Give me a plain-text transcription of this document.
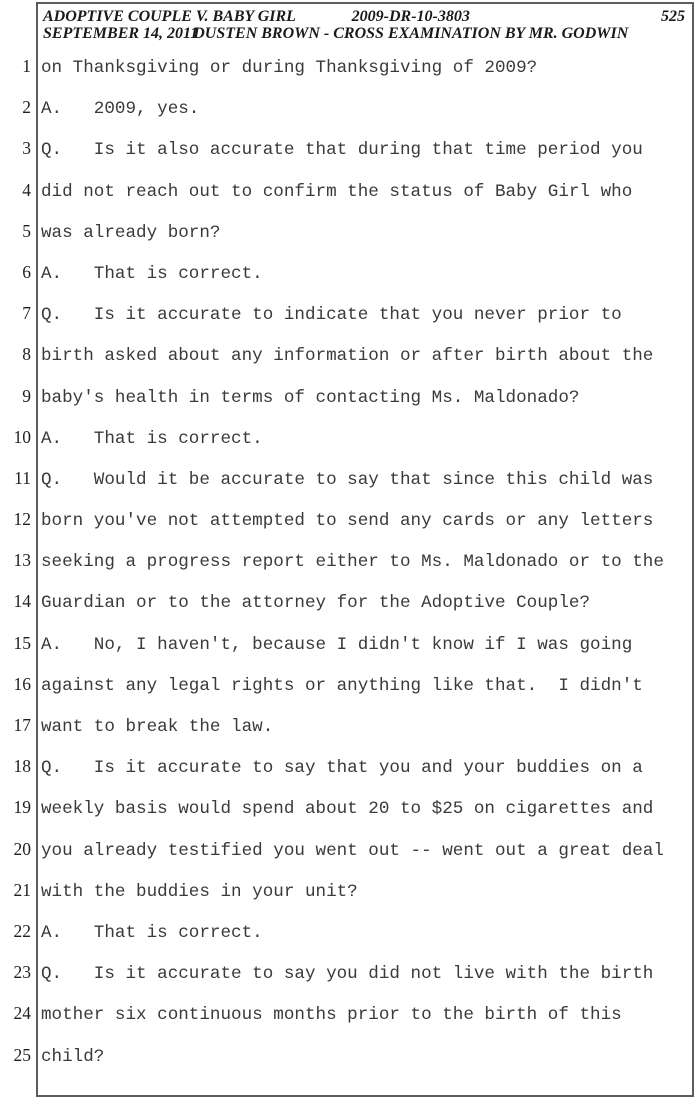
1
2
3
4
5
6
7
8
9
10
11
12
13
14
15
16
17
18
19
20
21
22
23
24
25
ADOPTIVE COUPLE V. BABY GIRL	2009-DR-10-3803	525
SEPTEMBER 14, 2011
DUSTEN BROWN - CROSS EXAMINATION BY MR. GODWIN
on Thanksgiving or during Thanksgiving of 2009?
A.   2009, yes.
Q.   Is it also accurate that during that time period you
did not reach out to confirm the status of Baby Girl who
was already born?
A.   That is correct.
Q.   Is it accurate to indicate that you never prior to
birth asked about any information or after birth about the
baby's health in terms of contacting Ms. Maldonado?
A.   That is correct.
Q.   Would it be accurate to say that since this child was
born you've not attempted to send any cards or any letters
seeking a progress report either to Ms. Maldonado or to the
Guardian or to the attorney for the Adoptive Couple?
A.   No, I haven't, because I didn't know if I was going
against any legal rights or anything like that.  I didn't
want to break the law.
Q.   Is it accurate to say that you and your buddies on a
weekly basis would spend about 20 to $25 on cigarettes and
you already testified you went out -- went out a great deal
with the buddies in your unit?
A.   That is correct.
Q.   Is it accurate to say you did not live with the birth
mother six continuous months prior to the birth of this
child?
